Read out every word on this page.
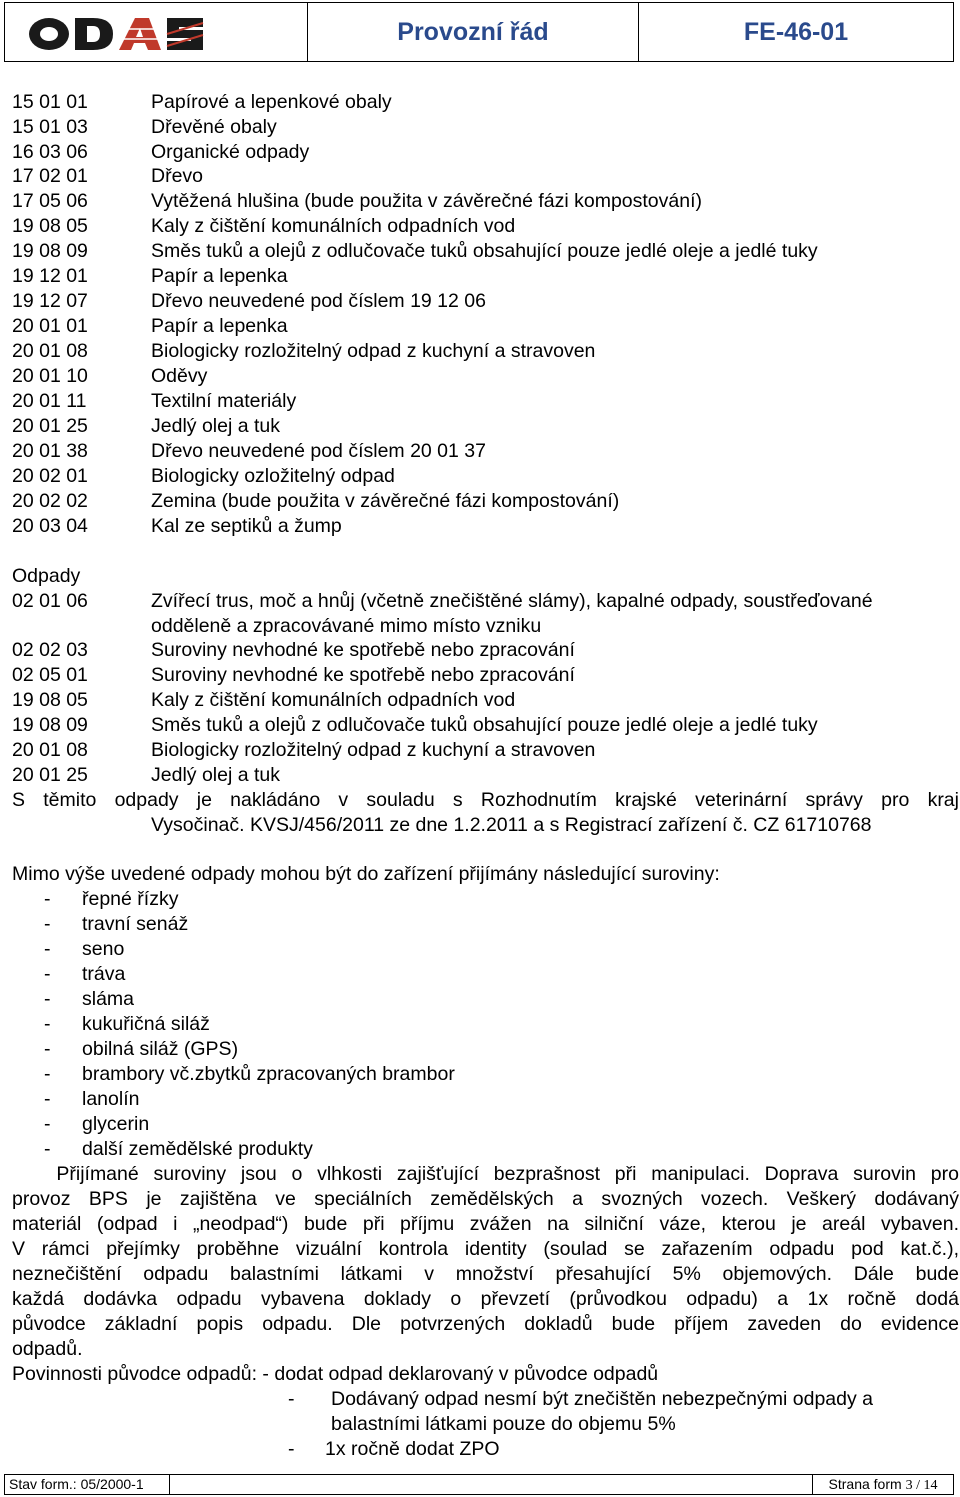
Provozní řád	FE-46-01
15 01 01	Papírové a lepenkové obaly
15 01 03	Dřevěné obaly
16 03 06	Organické odpady
17 02 01	Dřevo
17 05 06	Vytěžená hlušina (bude použita v závěrečné fázi kompostování)
19 08 05	Kaly z čištění komunálních odpadních vod
19 08 09	Směs tuků a olejů z odlučovače tuků obsahující pouze jedlé oleje a jedlé tuky
19 12 01	Papír a lepenka
19 12 07	Dřevo neuvedené pod číslem 19 12 06
20 01 01	Papír a lepenka
20 01 08	Biologicky rozložitelný odpad z kuchyní a stravoven
20 01 10	Oděvy
20 01 11	Textilní materiály
20 01 25	Jedlý olej a tuk
20 01 38	Dřevo neuvedené pod číslem 20 01 37
20 02 01	Biologicky ozložitelný odpad
20 02 02	Zemina (bude použita v závěrečné fázi kompostování)
20 03 04	Kal ze septiků a žump
Odpady
02 01 06	Zvířecí trus, moč a hnůj (včetně znečištěné slámy), kapalné odpady, soustřeďované
odděleně a zpracovávané mimo místo vzniku
02 02 03	Suroviny nevhodné ke spotřebě nebo zpracování
02 05 01	Suroviny nevhodné ke spotřebě nebo zpracování
19 08 05	Kaly z čištění komunálních odpadních vod
19 08 09	Směs tuků a olejů z odlučovače tuků obsahující pouze jedlé oleje a jedlé tuky
20 01 08	Biologicky rozložitelný odpad z kuchyní a stravoven
20 01 25	Jedlý olej a tuk
S těmito odpady je nakládáno v souladu s Rozhodnutím krajské veterinární správy pro kraj
Vysočinač. KVSJ/456/2011 ze dne 1.2.2011 a s Registrací zařízení č. CZ 61710768
Mimo výše uvedené odpady mohou být do zařízení přijímány následující suroviny:
- řepné řízky
- travní senáž
- seno
- tráva
- sláma
- kukuřičná siláž
- obilná siláž (GPS)
- brambory vč.zbytků zpracovaných brambor
- lanolín
- glycerin
- další zemědělské produkty
Přijímané suroviny jsou o vlhkosti zajišťující bezprašnost při manipulaci. Doprava surovin pro
provoz BPS je zajištěna ve speciálních zemědělských a svozných vozech. Veškerý dodávaný
materiál (odpad i „neodpad“) bude při příjmu zvážen na silniční váze, kterou je areál vybaven.
V rámci přejímky proběhne vizuální kontrola identity (soulad se zařazením odpadu pod kat.č.),
neznečištění odpadu balastními látkami v množství přesahující 5% objemových. Dále bude
každá dodávka odpadu vybavena doklady o převzetí (průvodkou odpadu) a 1x ročně dodá
původce základní popis odpadu. Dle potvrzených dokladů bude příjem zaveden do evidence
odpadů.
Povinnosti původce odpadů: - dodat odpad deklarovaný v původce odpadů
- Dodávaný odpad nesmí být znečištěn nebezpečnými odpady a
balastními látkami pouze do objemu 5%
- 1x ročně dodat ZPO
Stav form.: 05/2000-1	Strana form 3 / 14
